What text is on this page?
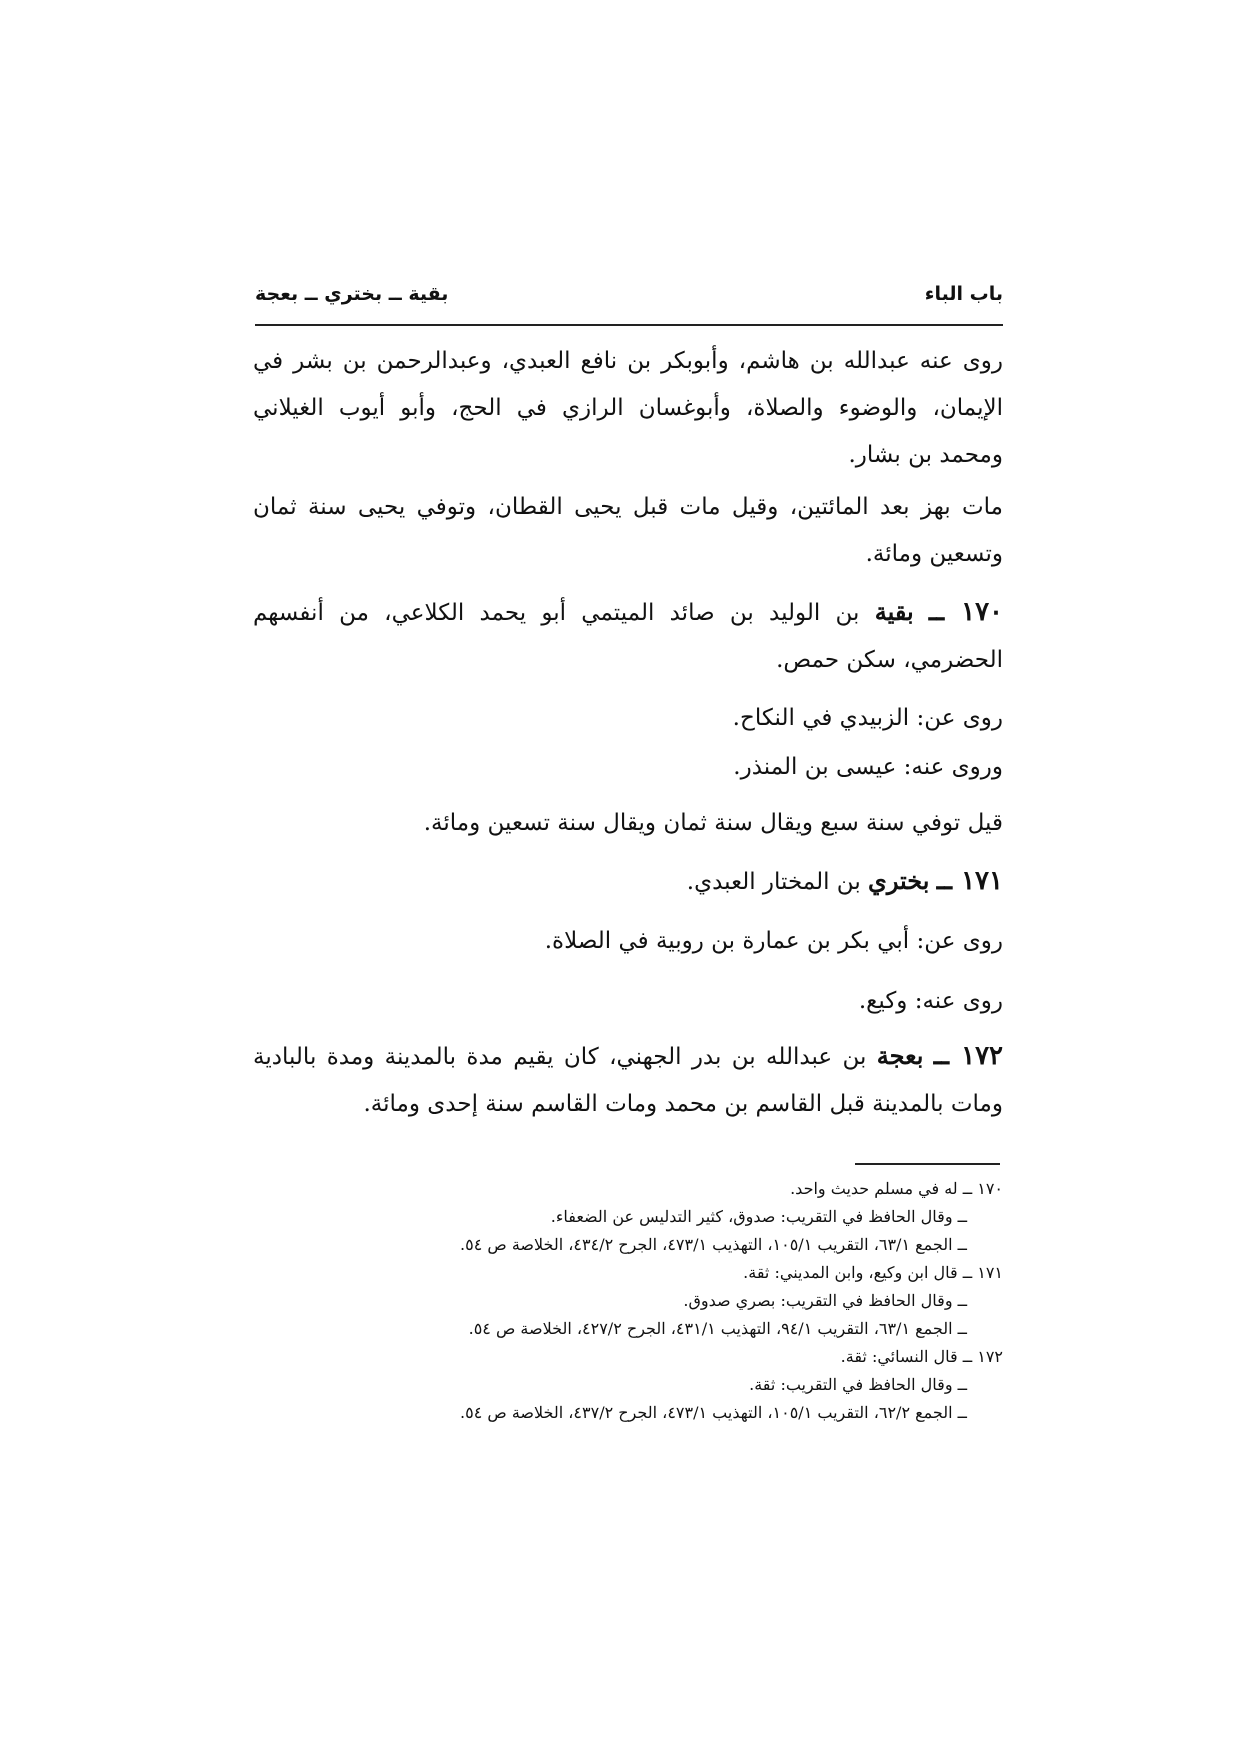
باب الباء
بقية ــ بختري ــ بعجة
روى عنه عبدالله بن هاشم، وأبوبكر بن نافع العبدي، وعبدالرحمن بن بشر في الإيمان، والوضوء والصلاة، وأبوغسان الرازي في الحج، وأبو أيوب الغيلاني ومحمد بن بشار.
مات بهز بعد المائتين، وقيل مات قبل يحيى القطان، وتوفي يحيى سنة ثمان وتسعين ومائة.
١٧٠ ــ بقية بن الوليد بن صائد الميتمي أبو يحمد الكلاعي، من أنفسهم الحضرمي، سكن حمص.
روى عن: الزبيدي في النكاح.
وروى عنه: عيسى بن المنذر.
قيل توفي سنة سبع ويقال سنة ثمان ويقال سنة تسعين ومائة.
١٧١ ــ بختري بن المختار العبدي.
روى عن: أبي بكر بن عمارة بن روبية في الصلاة.
روى عنه: وكيع.
١٧٢ ــ بعجة بن عبدالله بن بدر الجهني، كان يقيم مدة بالمدينة ومدة بالبادية ومات بالمدينة قبل القاسم بن محمد ومات القاسم سنة إحدى ومائة.
١٧٠ ــ له في مسلم حديث واحد.
ــ وقال الحافظ في التقريب: صدوق، كثير التدليس عن الضعفاء.
ــ الجمع ٦٣/١، التقريب ١٠٥/١، التهذيب ٤٧٣/١، الجرح ٤٣٤/٢، الخلاصة ص ٥٤.
١٧١ ــ قال ابن وكيع، وابن المديني: ثقة.
ــ وقال الحافظ في التقريب: بصري صدوق.
ــ الجمع ٦٣/١، التقريب ٩٤/١، التهذيب ٤٣١/١، الجرح ٤٢٧/٢، الخلاصة ص ٥٤.
١٧٢ ــ قال النسائي: ثقة.
ــ وقال الحافظ في التقريب: ثقة.
ــ الجمع ٦٢/٢، التقريب ١٠٥/١، التهذيب ٤٧٣/١، الجرح ٤٣٧/٢، الخلاصة ص ٥٤.
